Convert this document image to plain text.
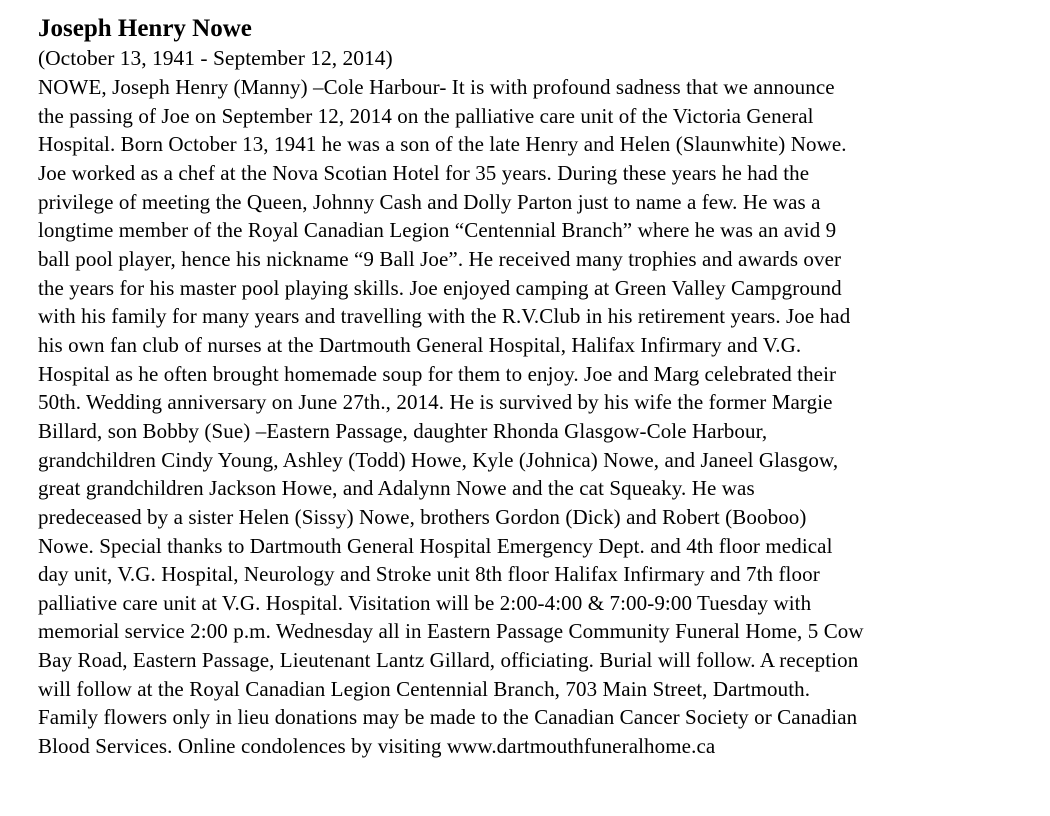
Joseph Henry Nowe
(October 13, 1941 - September 12, 2014)
NOWE, Joseph Henry (Manny) –Cole Harbour- It is with profound sadness that we announce
the passing of Joe on September 12, 2014 on the palliative care unit of the Victoria General
Hospital. Born October 13, 1941 he was a son of the late Henry and Helen (Slaunwhite) Nowe.
Joe worked as a chef at the Nova Scotian Hotel for 35 years. During these years he had the
privilege of meeting the Queen, Johnny Cash and Dolly Parton just to name a few. He was a
longtime member of the Royal Canadian Legion “Centennial Branch” where he was an avid 9
ball pool player, hence his nickname “9 Ball Joe”. He received many trophies and awards over
the years for his master pool playing skills. Joe enjoyed camping at Green Valley Campground
with his family for many years and travelling with the R.V.Club in his retirement years. Joe had
his own fan club of nurses at the Dartmouth General Hospital, Halifax Infirmary and V.G.
Hospital as he often brought homemade soup for them to enjoy. Joe and Marg celebrated their
50th. Wedding anniversary on June 27th., 2014. He is survived by his wife the former Margie
Billard, son Bobby (Sue) –Eastern Passage, daughter Rhonda Glasgow-Cole Harbour,
grandchildren Cindy Young, Ashley (Todd) Howe, Kyle (Johnica) Nowe, and Janeel Glasgow,
great grandchildren Jackson Howe, and Adalynn Nowe and the cat Squeaky. He was
predeceased by a sister Helen (Sissy) Nowe, brothers Gordon (Dick) and Robert (Booboo)
Nowe. Special thanks to Dartmouth General Hospital Emergency Dept. and 4th floor medical
day unit, V.G. Hospital, Neurology and Stroke unit 8th floor Halifax Infirmary and 7th floor
palliative care unit at V.G. Hospital. Visitation will be 2:00-4:00 & 7:00-9:00 Tuesday with
memorial service 2:00 p.m. Wednesday all in Eastern Passage Community Funeral Home, 5 Cow
Bay Road, Eastern Passage, Lieutenant Lantz Gillard, officiating. Burial will follow. A reception
will follow at the Royal Canadian Legion Centennial Branch, 703 Main Street, Dartmouth.
Family flowers only in lieu donations may be made to the Canadian Cancer Society or Canadian
Blood Services. Online condolences by visiting www.dartmouthfuneralhome.ca
